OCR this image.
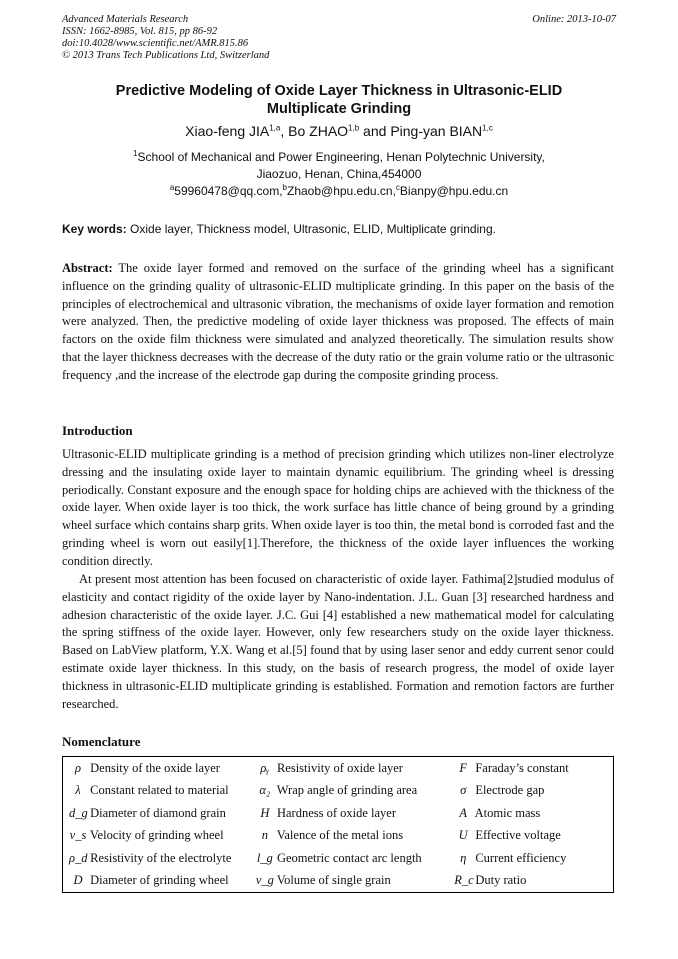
Advanced Materials Research
ISSN: 1662-8985, Vol. 815, pp 86-92
doi:10.4028/www.scientific.net/AMR.815.86
© 2013 Trans Tech Publications Ltd, Switzerland
Online: 2013-10-07
Predictive Modeling of Oxide Layer Thickness in Ultrasonic-ELID
Multiplicate Grinding
Xiao-feng JIA$^{1,a}$, Bo ZHAO$^{1,b}$ and Ping-yan BIAN$^{1,c}$
$^1$School of Mechanical and Power Engineering, Henan Polytechnic University,
Jiaozuo, Henan, China,454000
$^a$59960478@qq.com,$^b$Zhaob@hpu.edu.cn,$^c$Bianpy@hpu.edu.cn
Key words: Oxide layer, Thickness model, Ultrasonic, ELID, Multiplicate grinding.
Abstract: The oxide layer formed and removed on the surface of the grinding wheel has a significant influence on the grinding quality of ultrasonic-ELID multiplicate grinding. In this paper on the basis of the principles of electrochemical and ultrasonic vibration, the mechanisms of oxide layer formation and remotion were analyzed. Then, the predictive modeling of oxide layer thickness was proposed. The effects of main factors on the oxide film thickness were simulated and analyzed theoretically. The simulation results show that the layer thickness decreases with the decrease of the duty ratio or the grain volume ratio or the ultrasonic frequency ,and the increase of the electrode gap during the composite grinding process.
Introduction
Ultrasonic-ELID multiplicate grinding is a method of precision grinding which utilizes non-liner electrolyze dressing and the insulating oxide layer to maintain dynamic equilibrium. The grinding wheel is dressing periodically. Constant exposure and the enough space for holding chips are achieved with the thickness of the oxide layer. When oxide layer is too thick, the work surface has little chance of being ground by a grinding wheel surface which contains sharp grits. When oxide layer is too thin, the metal bond is corroded fast and the grinding wheel is worn out easily[1].Therefore, the thickness of the oxide layer influences the working condition directly.
At present most attention has been focused on characteristic of oxide layer. Fathima[2]studied modulus of elasticity and contact rigidity of the oxide layer by Nano-indentation. J.L. Guan [3] researched hardness and adhesion characteristic of the oxide layer. J.C. Gui [4] established a new mathematical model for calculating the spring stiffness of the oxide layer. However, only few researchers study on the oxide layer thickness. Based on LabView platform, Y.X. Wang et al.[5] found that by using laser senor and eddy current senor could estimate oxide layer thickness. In this study, on the basis of research progress, the model of oxide layer thickness in ultrasonic-ELID multiplicate grinding is established. Formation and remotion factors are further researched.
Nomenclature
ρ Density of the oxide layer	ρᵧ Resistivity of oxide layer	F Faraday’s constant
λ Constant related to material	α₂ Wrap angle of grinding area	σ Electrode gap
d_g Diameter of diamond grain	H Hardness of oxide layer	A Atomic mass
v_s Velocity of grinding wheel	n Valence of the metal ions	U Effective voltage
ρ_d Resistivity of the electrolyte	l_g Geometric contact arc length	η Current efficiency
D Diameter of grinding wheel	v_g Volume of single grain	R_c Duty ratio
